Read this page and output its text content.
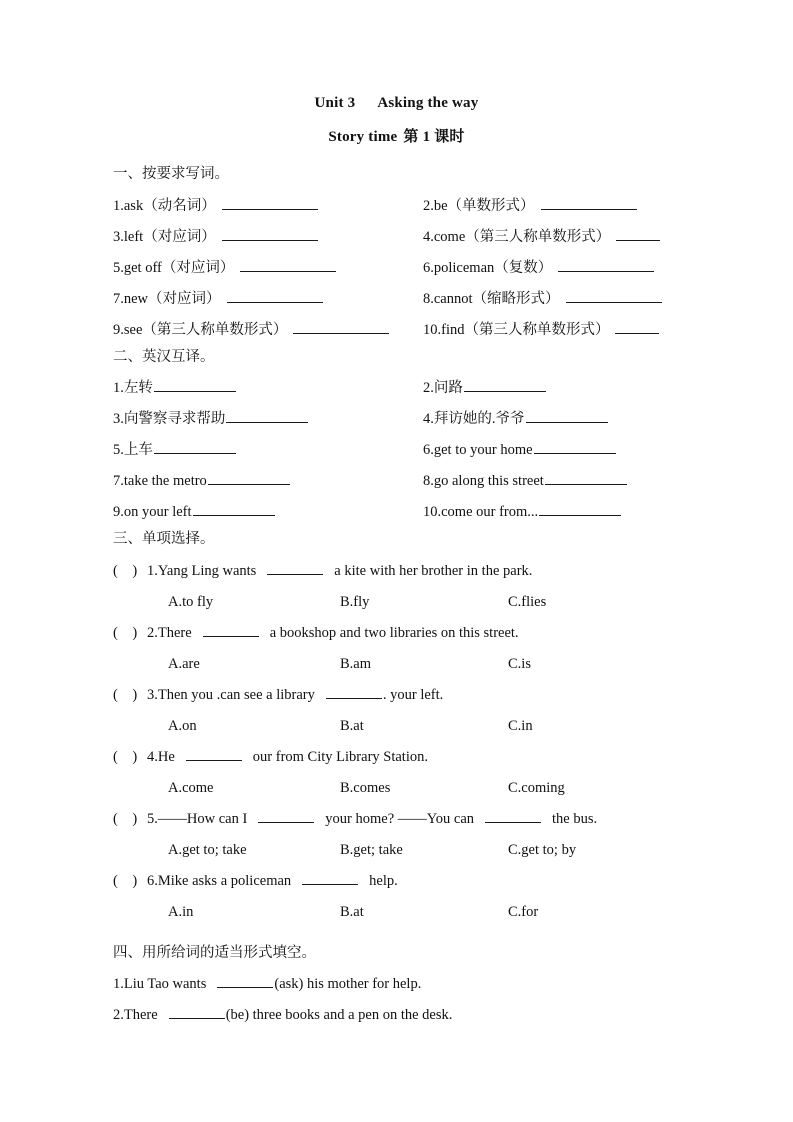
Unit 3 Asking the way
Story time 第 1 课时
一、按要求写词。
1.ask（动名词）	2.be（单数形式）
3.left（对应词）	4.come（第三人称单数形式）
5.get off（对应词）	6.policeman（复数）
7.new（对应词）	8.cannot（缩略形式）
9.see（第三人称单数形式）	10.find（第三人称单数形式）
二、英汉互译。
1.左转	2.问路
3.向警察寻求帮助	4.拜访她的.爷爷
5.上车	6.get to your home
7.take the metro	8.go along this street
9.on your left	10.come our from...
三、单项选择。
(    ) 1.Yang Ling wants	a kite with her brother in the park.
A.to fly	B.fly	C.flies
(    ) 2.There	a bookshop and two libraries on this street.
A.are	B.am	C.is
(    ) 3.Then you .can see a library	. your left.
A.on	B.at	C.in
(    ) 4.He	our from City Library Station.
A.come	B.comes	C.coming
(    ) 5.——How can I	your home? ——You can	the bus.
A.get to; take	B.get; take	C.get to; by
(    ) 6.Mike asks a policeman	help.
A.in	B.at	C.for
四、用所给词的适当形式填空。
1.Liu Tao wants	(ask) his mother for help.
2.There	(be) three books and a pen on the desk.
